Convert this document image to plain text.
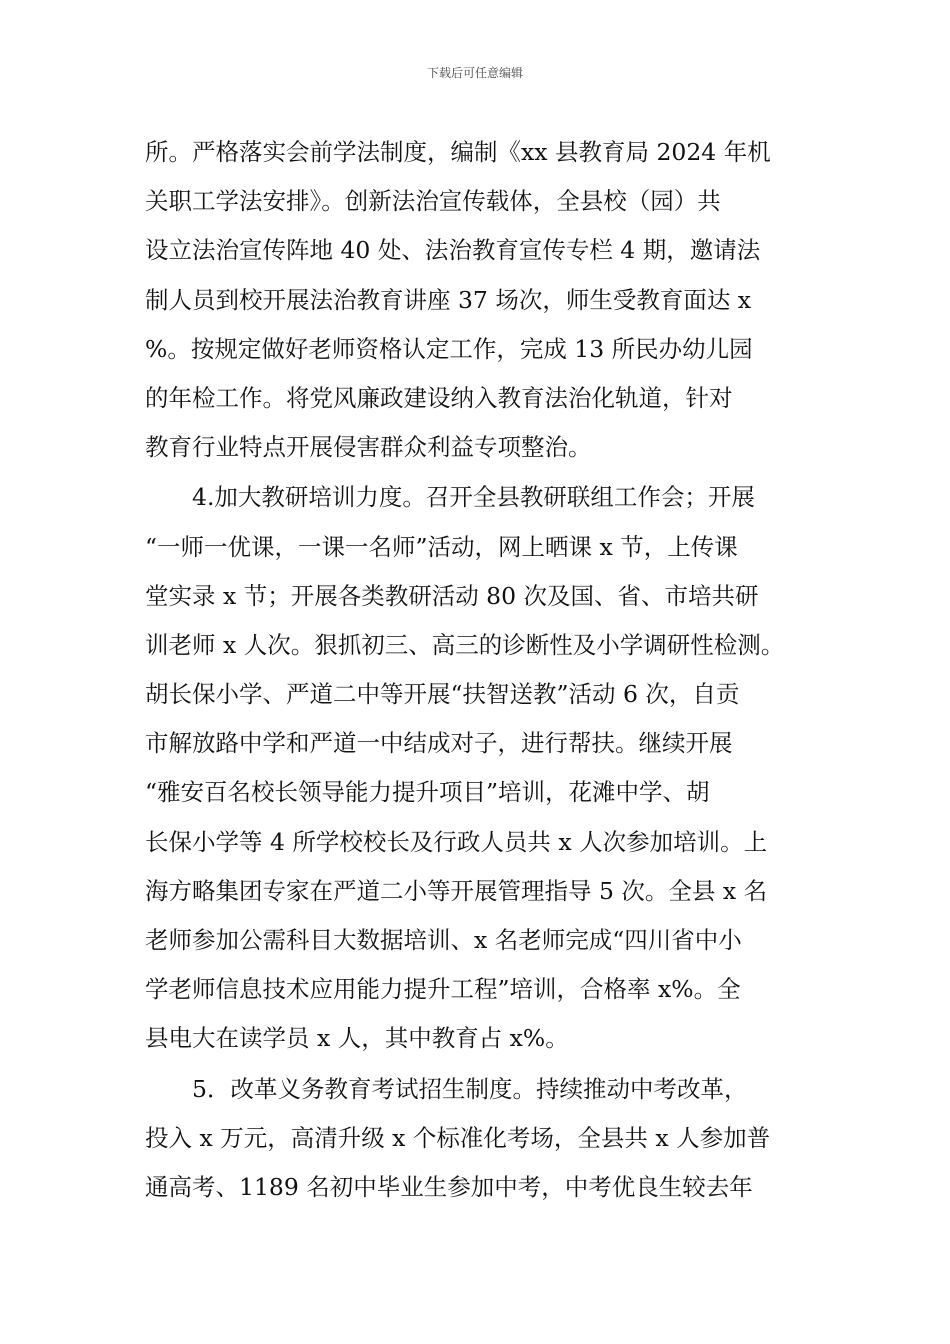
下载后可任意编辑
所。严格落实会前学法制度，编制《xx 县教育局 2024 年机
关职工学法安排》。创新法治宣传载体，全县校（园）共
设立法治宣传阵地 40 处、法治教育宣传专栏 4 期，邀请法
制人员到校开展法治教育讲座 37 场次，师生受教育面达 x
%。按规定做好老师资格认定工作，完成 13 所民办幼儿园
的年检工作。将党风廉政建设纳入教育法治化轨道，针对
教育行业特点开展侵害群众利益专项整治。
4.加大教研培训力度。召开全县教研联组工作会；开展
“一师一优课，一课一名师”活动，网上晒课 x 节，上传课
堂实录 x 节；开展各类教研活动 80 次及国、省、市培共研
训老师 x 人次。狠抓初三、高三的诊断性及小学调研性检测。
胡长保小学、严道二中等开展“扶智送教”活动 6 次，自贡
市解放路中学和严道一中结成对子，进行帮扶。继续开展
“雅安百名校长领导能力提升项目”培训，花滩中学、胡
长保小学等 4 所学校校长及行政人员共 x 人次参加培训。上
海方略集团专家在严道二小等开展管理指导 5 次。全县 x 名
老师参加公需科目大数据培训、x 名老师完成“四川省中小
学老师信息技术应用能力提升工程”培训，合格率 x%。全
县电大在读学员 x 人，其中教育占 x%。
5．改革义务教育考试招生制度。持续推动中考改革，
投入 x 万元，高清升级 x 个标准化考场，全县共 x 人参加普
通高考、1189 名初中毕业生参加中考，中考优良生较去年
